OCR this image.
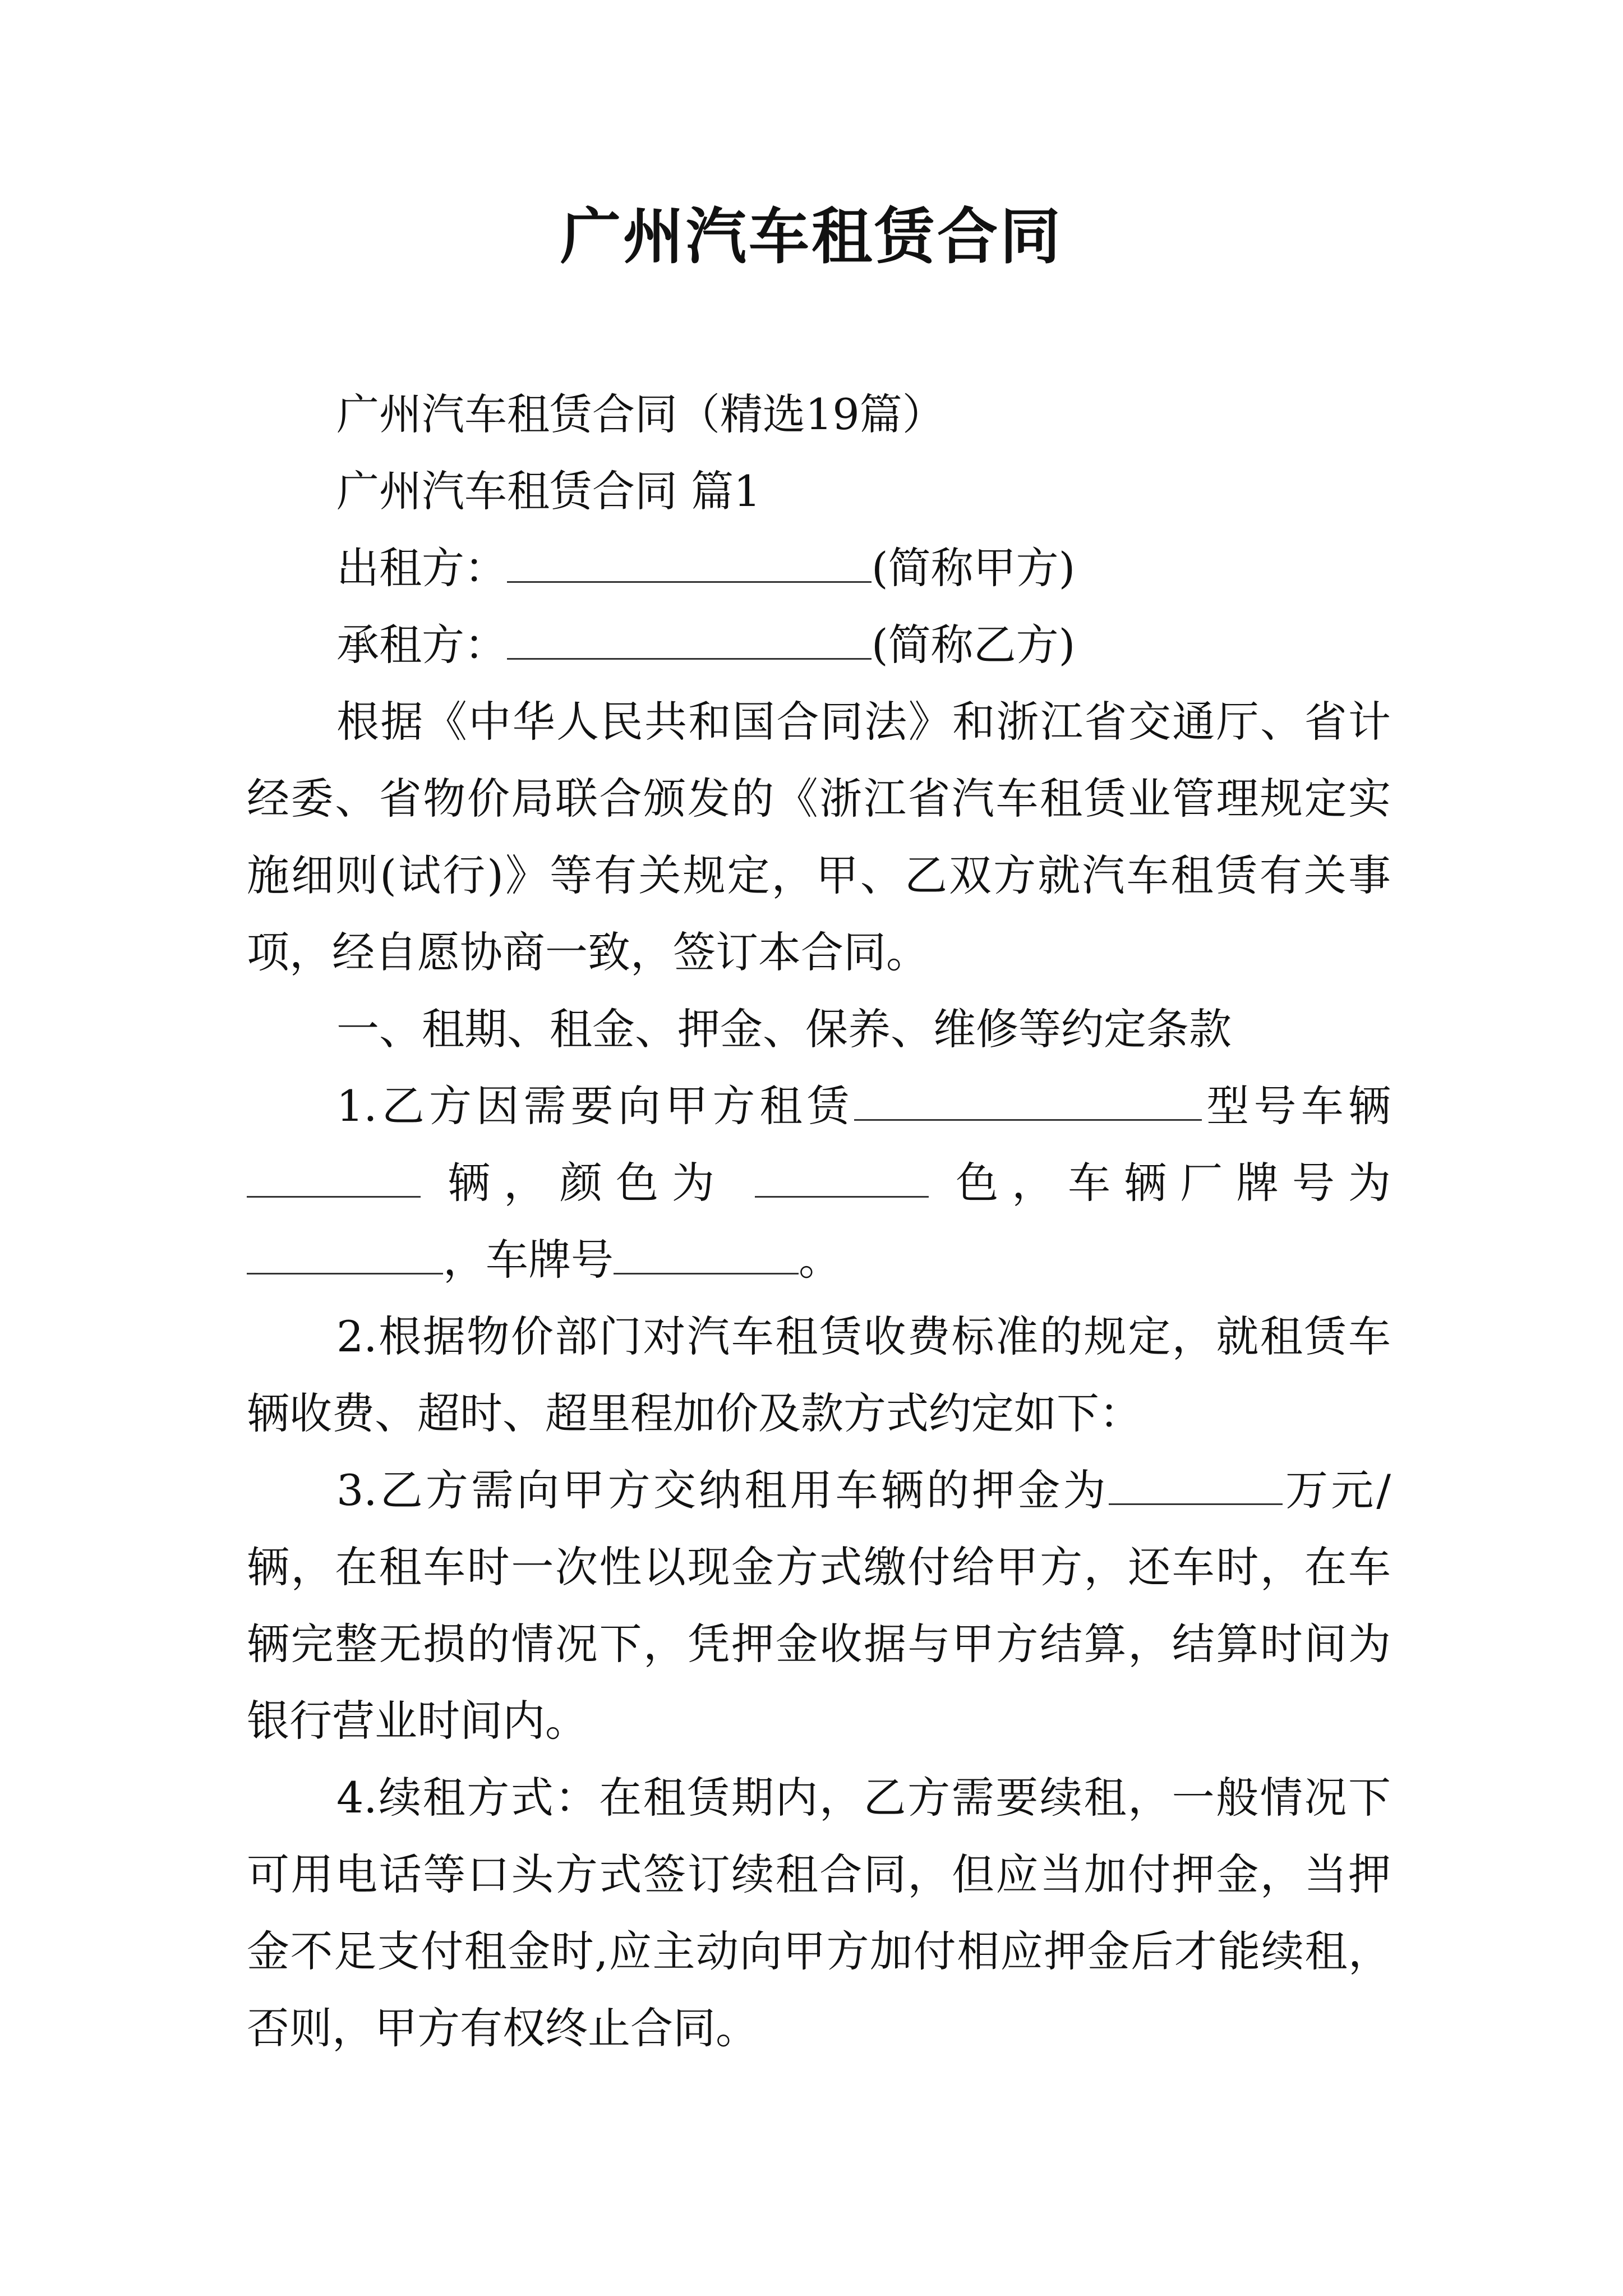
广州汽车租赁合同

广州汽车租赁合同（精选19篇）

广州汽车租赁合同 篇1

出租方：	(简称甲方)

承租方：	(简称乙方)

根据《中华人民共和国合同法》和浙江省交通厅、省计经委、省物价局联合颁发的《浙江省汽车租赁业管理规定实施细则(试行)》等有关规定，甲、乙双方就汽车租赁有关事项，经自愿协商一致，签订本合同。

一、租期、租金、押金、保养、维修等约定条款

1.乙方因需要向甲方租赁	型号车辆  辆，颜色为	色，车辆厂牌号为 ，车牌号	。

2.根据物价部门对汽车租赁收费标准的规定，就租赁车辆收费、超时、超里程加价及款方式约定如下：

3.乙方需向甲方交纳租用车辆的押金为	万元/辆，在租车时一次性以现金方式缴付给甲方，还车时，在车辆完整无损的情况下，凭押金收据与甲方结算，结算时间为银行营业时间内。

4.续租方式：在租赁期内，乙方需要续租，一般情况下可用电话等口头方式签订续租合同，但应当加付押金，当押金不足支付租金时,应主动向甲方加付相应押金后才能续租，否则，甲方有权终止合同。
